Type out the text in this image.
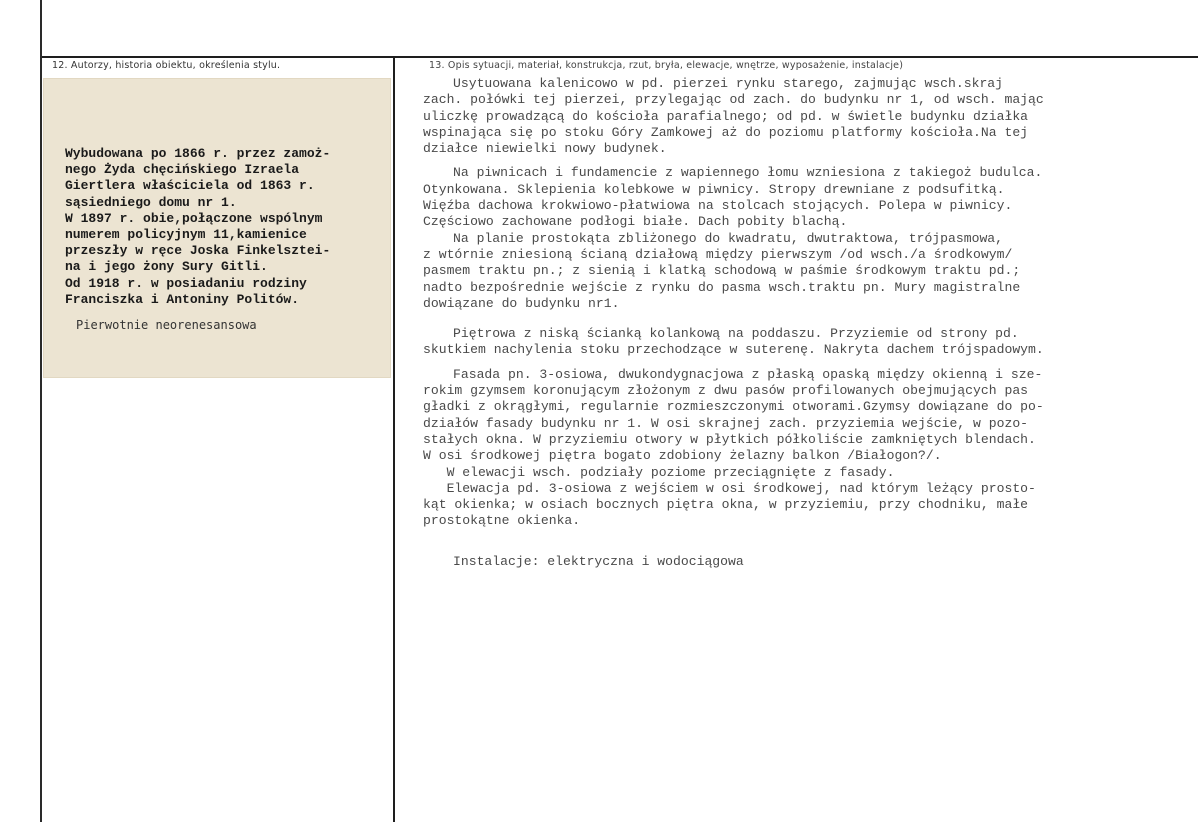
12. Autorzy, historia obiektu, określenia stylu.	13. Opis sytuacji, materiał, konstrukcja, rzut, bryła, elewacje, wnętrze, wyposażenie, instalacje)
Wybudowana po 1866 r. przez zamoż-
nego Żyda chęcińskiego Izraela
Giertlera właściciela od 1863 r.
sąsiedniego domu nr 1.
W 1897 r. obie,połączone wspólnym
numerem policyjnym 11,kamienice
przeszły w ręce Joska Finkelsztei-
na i jego żony Sury Gitli.
Od 1918 r. w posiadaniu rodziny
Franciszka i Antoniny Politów.
Pierwotnie neorenesansowa
Usytuowana kalenicowo w pd. pierzei rynku starego, zajmując wsch.skraj
zach. połówki tej pierzei, przylegając od zach. do budynku nr 1, od wsch. mając
uliczkę prowadzącą do kościoła parafialnego; od pd. w świetle budynku działka
wspinająca się po stoku Góry Zamkowej aż do poziomu platformy kościoła.Na tej
działce niewielki nowy budynek.
Na piwnicach i fundamencie z wapiennego łomu wzniesiona z takiegoż budulca.
Otynkowana. Sklepienia kolebkowe w piwnicy. Stropy drewniane z podsufitką.
Więźba dachowa krokwiowo-płatwiowa na stolcach stojących. Polepa w piwnicy.
Częściowo zachowane podłogi białe. Dach pobity blachą.
Na planie prostokąta zbliżonego do kwadratu, dwutraktowa, trójpasmowa,
z wtórnie zniesioną ścianą działową między pierwszym /od wsch./a środkowym/
pasmem traktu pn.; z sienią i klatką schodową w paśmie środkowym traktu pd.;
nadto bezpośrednie wejście z rynku do pasma wsch.traktu pn. Mury magistralne
dowiązane do budynku nr1.
Piętrowa z niską ścianką kolankową na poddaszu. Przyziemie od strony pd.
skutkiem nachylenia stoku przechodzące w suterenę. Nakryta dachem trójspadowym.
Fasada pn. 3-osiowa, dwukondygnacjowa z płaską opaską między okienną i sze-
rokim gzymsem koronującym złożonym z dwu pasów profilowanych obejmujących pas
gładki z okrągłymi, regularnie rozmieszczonymi otworami.Gzymsy dowiązane do po-
działów fasady budynku nr 1. W osi skrajnej zach. przyziemia wejście, w pozo-
stałych okna. W przyziemiu otwory w płytkich półkoliście zamkniętych blendach.
W osi środkowej piętra bogato zdobiony żelazny balkon /Białogon?/.
W elewacji wsch. podziały poziome przeciągnięte z fasady.
Elewacja pd. 3-osiowa z wejściem w osi środkowej, nad którym leżący prosto-
kąt okienka; w osiach bocznych piętra okna, w przyziemiu, przy chodniku, małe
prostokątne okienka.
Instalacje: elektryczna i wodociągowa
